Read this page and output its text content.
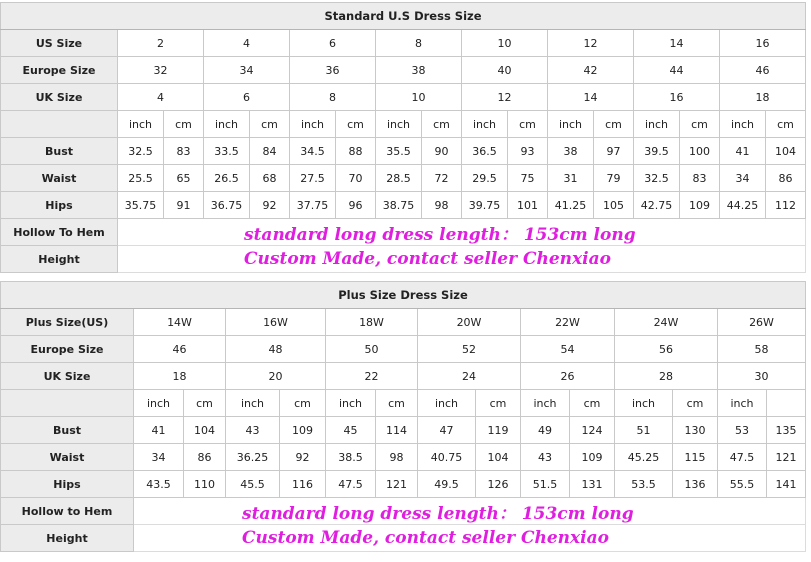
Standard U.S Dress Size																
US Size	2		4		6		8		10		12		14		16	
Europe Size	32		34		36		38		40		42		44		46	
UK Size	4		6		8		10		12		14		16		18	
	inch	cm	inch	cm	inch	cm	inch	cm	inch	cm	inch	cm	inch	cm	inch	cm
Bust	32.5	83	33.5	84	34.5	88	35.5	90	36.5	93	38	97	39.5	100	41	104
Waist	25.5	65	26.5	68	27.5	70	28.5	72	29.5	75	31	79	32.5	83	34	86
Hips	35.75	91	36.75	92	37.75	96	38.75	98	39.75	101	41.25	105	42.75	109	44.25	112
Hollow To Hem	standard long dress length： 153cm long															
Height	Custom Made, contact seller Chenxiao															
Plus Size Dress Size														
Plus Size(US)	14W		16W		18W		20W		22W		24W		26W	
Europe Size	46		48		50		52		54		56		58	
UK Size	18		20		22		24		26		28		30	
	inch	cm	inch	cm	inch	cm	inch	cm	inch	cm	inch	cm	inch	
Bust	41	104	43	109	45	114	47	119	49	124	51	130	53	135
Waist	34	86	36.25	92	38.5	98	40.75	104	43	109	45.25	115	47.5	121
Hips	43.5	110	45.5	116	47.5	121	49.5	126	51.5	131	53.5	136	55.5	141
Hollow to Hem	standard long dress length： 153cm long													
Height	Custom Made, contact seller Chenxiao													
